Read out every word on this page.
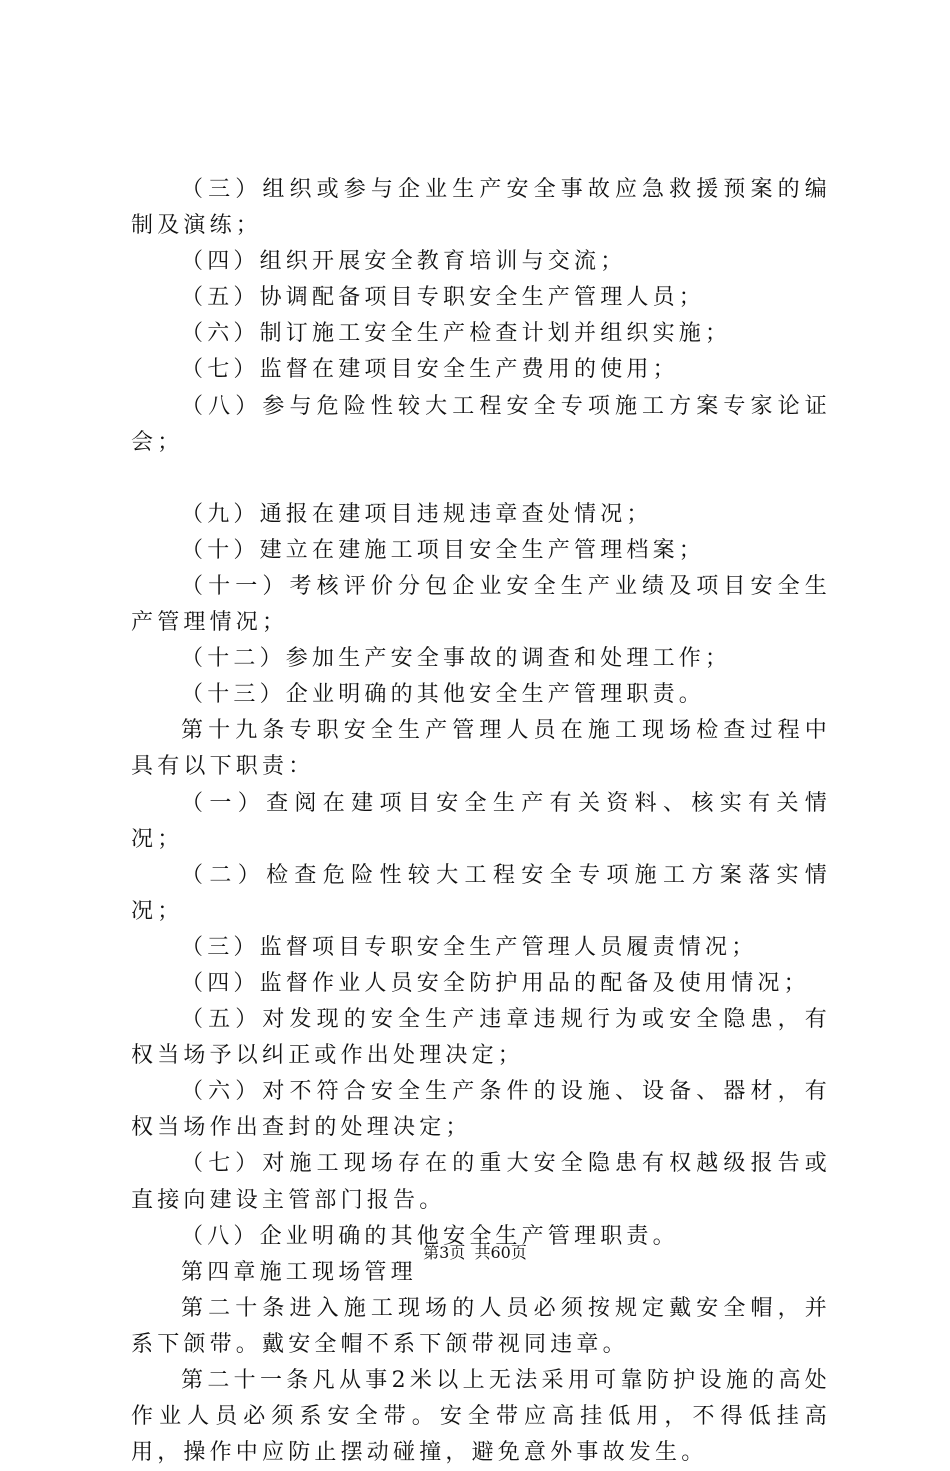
（三）组织或参与企业生产安全事故应急救援预案的编制及演练；

（四）组织开展安全教育培训与交流；

（五）协调配备项目专职安全生产管理人员；

（六）制订施工安全生产检查计划并组织实施；

（七）监督在建项目安全生产费用的使用；

（八）参与危险性较大工程安全专项施工方案专家论证会；

（九）通报在建项目违规违章查处情况；

（十）建立在建施工项目安全生产管理档案；

（十一）考核评价分包企业安全生产业绩及项目安全生产管理情况；

（十二）参加生产安全事故的调查和处理工作；

（十三）企业明确的其他安全生产管理职责。

第十九条专职安全生产管理人员在施工现场检查过程中具有以下职责：

（一）查阅在建项目安全生产有关资料、核实有关情况；

（二）检查危险性较大工程安全专项施工方案落实情况；

（三）监督项目专职安全生产管理人员履责情况；

（四）监督作业人员安全防护用品的配备及使用情况；

（五）对发现的安全生产违章违规行为或安全隐患，有权当场予以纠正或作出处理决定；

（六）对不符合安全生产条件的设施、设备、器材，有权当场作出查封的处理决定；

（七）对施工现场存在的重大安全隐患有权越级报告或直接向建设主管部门报告。

（八）企业明确的其他安全生产管理职责。

第四章施工现场管理

第二十条进入施工现场的人员必须按规定戴安全帽，并系下颌带。戴安全帽不系下颌带视同违章。

第二十一条凡从事2米以上无法采用可靠防护设施的高处作业人员必须系安全带。安全带应高挂低用，不得低挂高用，操作中应防止摆动碰撞，避免意外事故发生。

第3页 共60页
